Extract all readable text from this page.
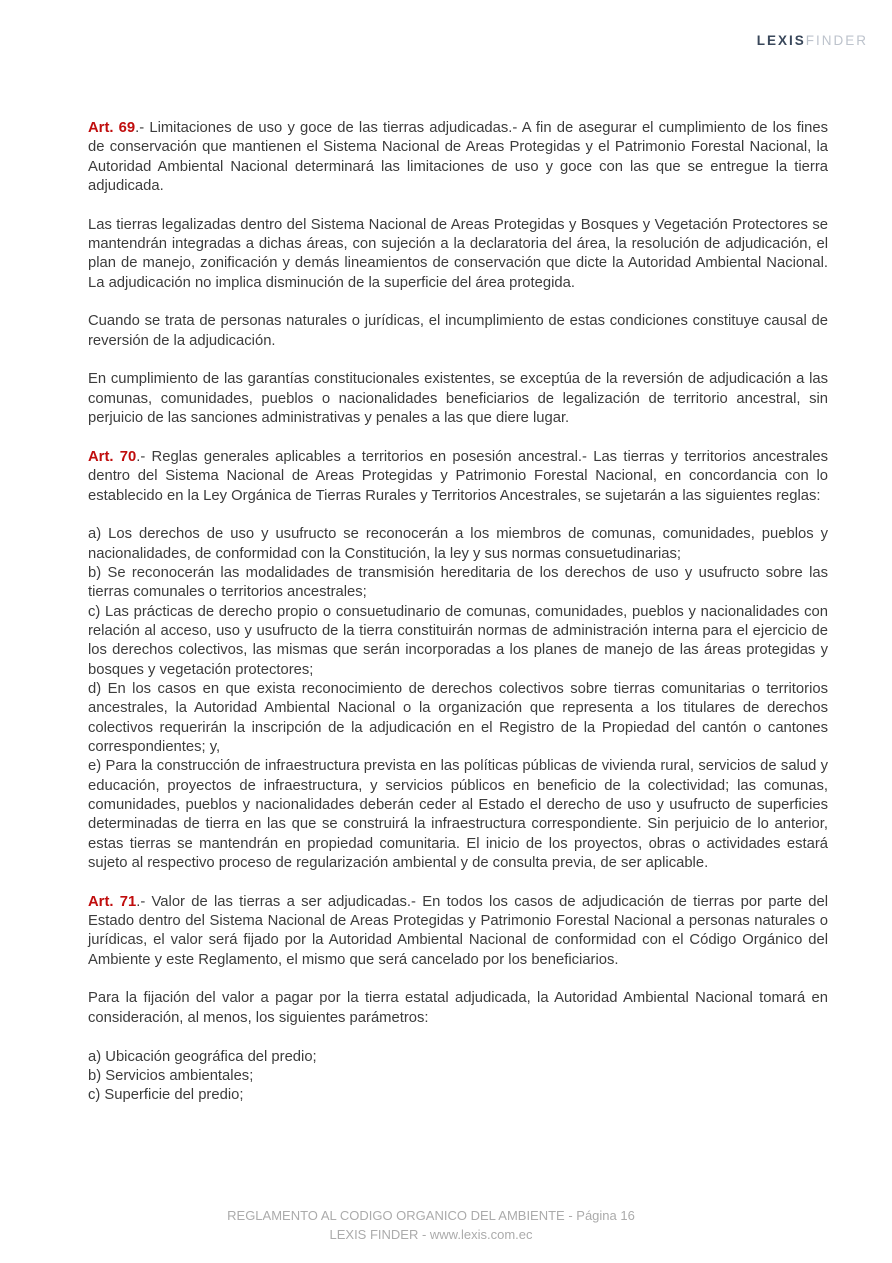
LEXISFINDER

Art. 69.- Limitaciones de uso y goce de las tierras adjudicadas.- A fin de asegurar el cumplimiento de los fines de conservación que mantienen el Sistema Nacional de Areas Protegidas y el Patrimonio Forestal Nacional, la Autoridad Ambiental Nacional determinará las limitaciones de uso y goce con las que se entregue la tierra adjudicada.

Las tierras legalizadas dentro del Sistema Nacional de Areas Protegidas y Bosques y Vegetación Protectores se mantendrán integradas a dichas áreas, con sujeción a la declaratoria del área, la resolución de adjudicación, el plan de manejo, zonificación y demás lineamientos de conservación que dicte la Autoridad Ambiental Nacional. La adjudicación no implica disminución de la superficie del área protegida.

Cuando se trata de personas naturales o jurídicas, el incumplimiento de estas condiciones constituye causal de reversión de la adjudicación.

En cumplimiento de las garantías constitucionales existentes, se exceptúa de la reversión de adjudicación a las comunas, comunidades, pueblos o nacionalidades beneficiarios de legalización de territorio ancestral, sin perjuicio de las sanciones administrativas y penales a las que diere lugar.

Art. 70.- Reglas generales aplicables a territorios en posesión ancestral.- Las tierras y territorios ancestrales dentro del Sistema Nacional de Areas Protegidas y Patrimonio Forestal Nacional, en concordancia con lo establecido en la Ley Orgánica de Tierras Rurales y Territorios Ancestrales, se sujetarán a las siguientes reglas:

a) Los derechos de uso y usufructo se reconocerán a los miembros de comunas, comunidades, pueblos y nacionalidades, de conformidad con la Constitución, la ley y sus normas consuetudinarias;
b) Se reconocerán las modalidades de transmisión hereditaria de los derechos de uso y usufructo sobre las tierras comunales o territorios ancestrales;
c) Las prácticas de derecho propio o consuetudinario de comunas, comunidades, pueblos y nacionalidades con relación al acceso, uso y usufructo de la tierra constituirán normas de administración interna para el ejercicio de los derechos colectivos, las mismas que serán incorporadas a los planes de manejo de las áreas protegidas y bosques y vegetación protectores;
d) En los casos en que exista reconocimiento de derechos colectivos sobre tierras comunitarias o territorios ancestrales, la Autoridad Ambiental Nacional o la organización que representa a los titulares de derechos colectivos requerirán la inscripción de la adjudicación en el Registro de la Propiedad del cantón o cantones correspondientes; y,
e) Para la construcción de infraestructura prevista en las políticas públicas de vivienda rural, servicios de salud y educación, proyectos de infraestructura, y servicios públicos en beneficio de la colectividad; las comunas, comunidades, pueblos y nacionalidades deberán ceder al Estado el derecho de uso y usufructo de superficies determinadas de tierra en las que se construirá la infraestructura correspondiente. Sin perjuicio de lo anterior, estas tierras se mantendrán en propiedad comunitaria. El inicio de los proyectos, obras o actividades estará sujeto al respectivo proceso de regularización ambiental y de consulta previa, de ser aplicable.

Art. 71.- Valor de las tierras a ser adjudicadas.- En todos los casos de adjudicación de tierras por parte del Estado dentro del Sistema Nacional de Areas Protegidas y Patrimonio Forestal Nacional a personas naturales o jurídicas, el valor será fijado por la Autoridad Ambiental Nacional de conformidad con el Código Orgánico del Ambiente y este Reglamento, el mismo que será cancelado por los beneficiarios.

Para la fijación del valor a pagar por la tierra estatal adjudicada, la Autoridad Ambiental Nacional tomará en consideración, al menos, los siguientes parámetros:

a) Ubicación geográfica del predio;
b) Servicios ambientales;
c) Superficie del predio;
REGLAMENTO AL CODIGO ORGANICO DEL AMBIENTE - Página 16
LEXIS FINDER - www.lexis.com.ec
